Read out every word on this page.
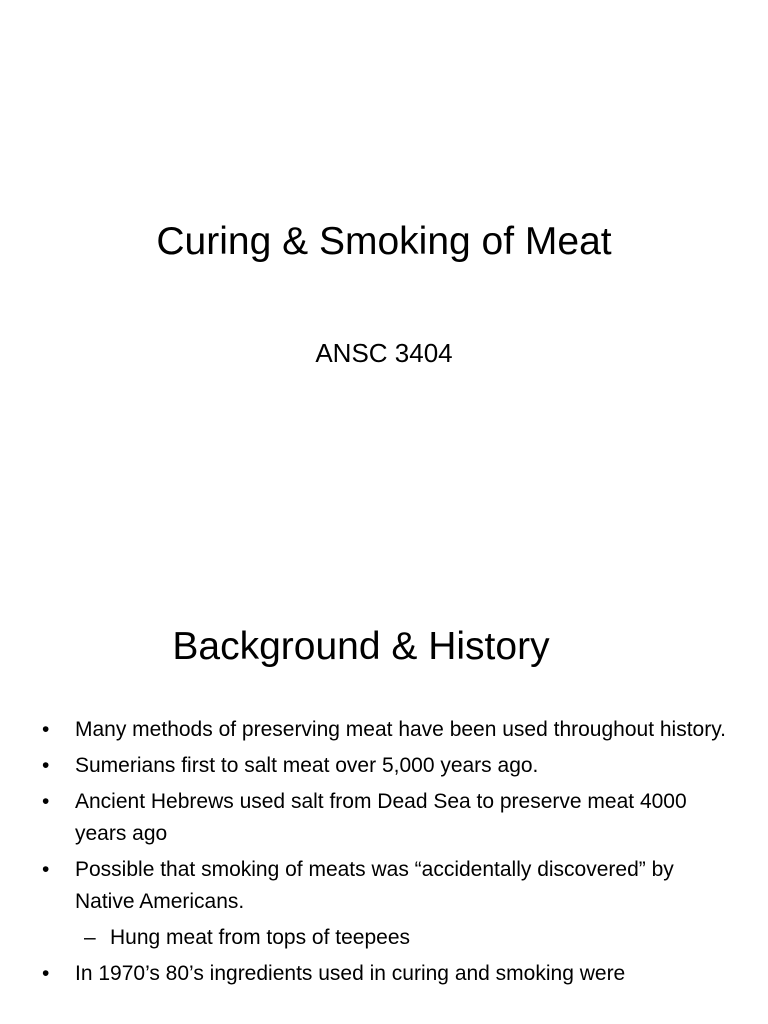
Curing & Smoking of Meat
ANSC 3404
Background & History
•	Many methods of preserving meat have been used throughout history.
•	Sumerians first to salt meat over 5,000 years ago.
•	Ancient Hebrews used salt from Dead Sea to preserve meat 4000 years ago
•	Possible that smoking of meats was “accidentally discovered” by Native Americans.
– Hung meat from tops of teepees
•	In 1970’s 80’s ingredients used in curing and smoking were
